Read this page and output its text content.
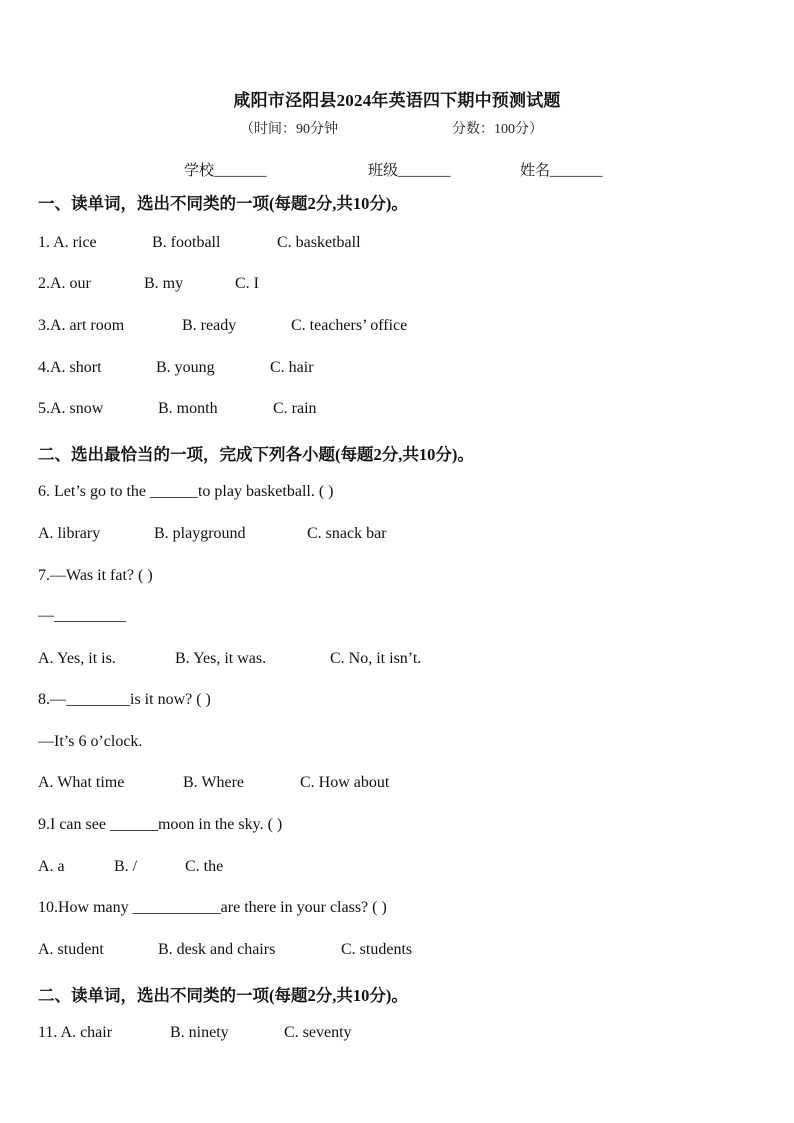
咸阳市泾阳县2024年英语四下期中预测试题
（时间：90分钟	分数：100分）
学校_______	班级_______	姓名_______
一、读单词，选出不同类的一项(每题2分,共10分)。
1. A. rice	B. football	C. basketball
2.A. our	B. my	C. I
3.A. art room	B. ready	C. teachers’ office
4.A. short	B. young	C. hair
5.A. snow	B. month	C. rain
二、选出最恰当的一项，完成下列各小题(每题2分,共10分)。
6. Let’s go to the ______to play basketball. ( )
A. library	B. playground	C. snack bar
7.—Was it fat? ( )
—_________
A. Yes, it is.	B. Yes, it was.	C. No, it isn’t.
8.—________is it now? ( )
—It’s 6 o’clock.
A. What time	B. Where	C. How about
9.I can see ______moon in the sky. ( )
A. a	B. /	C. the
10.How many ___________are there in your class? ( )
A. student	B. desk and chairs	C. students
二、读单词，选出不同类的一项(每题2分,共10分)。
11. A. chair	B. ninety	C. seventy
